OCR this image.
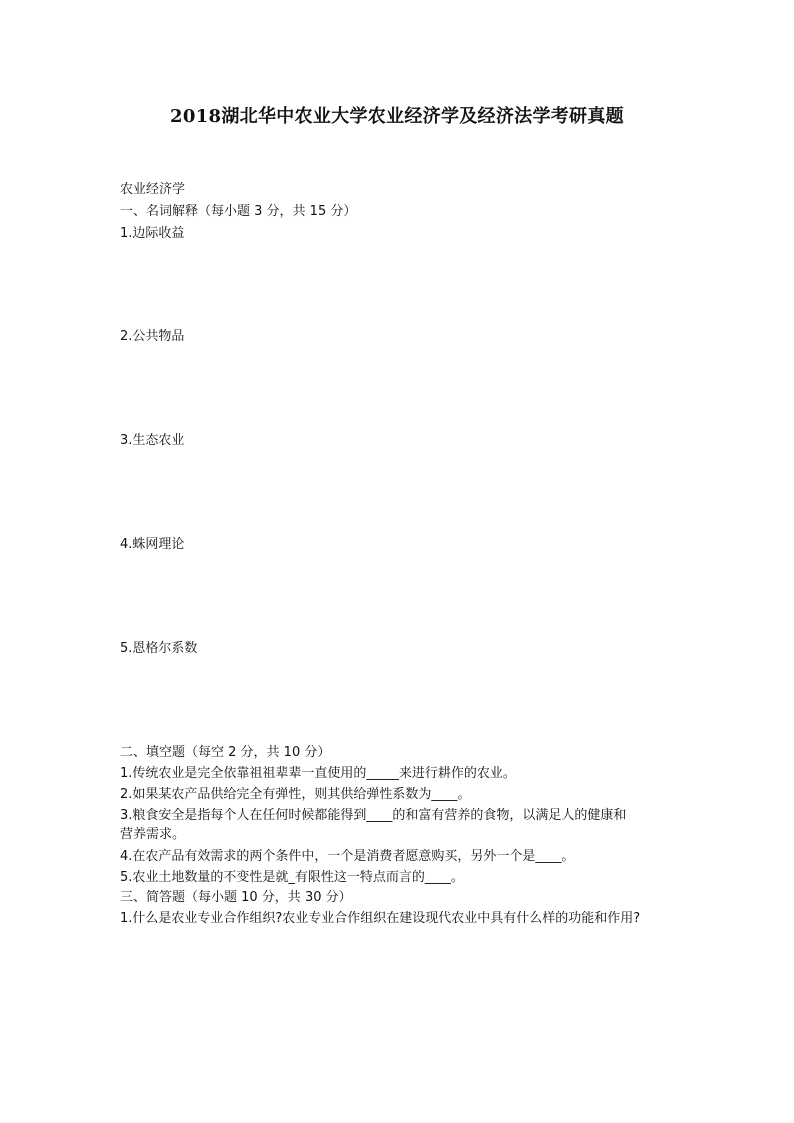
2018湖北华中农业大学农业经济学及经济法学考研真题
农业经济学
一、名词解释（每小题 3 分，共 15 分）
1.边际收益
2.公共物品
3.生态农业
4.蛛网理论
5.恩格尔系数
二、填空题（每空 2 分，共 10 分）
1.传统农业是完全依靠祖祖辈辈一直使用的_____来进行耕作的农业。
2.如果某农产品供给完全有弹性，则其供给弹性系数为____。
3.粮食安全是指每个人在任何时候都能得到____的和富有营养的食物，以满足人的健康和
营养需求。
4.在农产品有效需求的两个条件中，一个是消费者愿意购买，另外一个是____。
5.农业土地数量的不变性是就_有限性这一特点而言的____。
三、简答题（每小题 10 分，共 30 分）
1.什么是农业专业合作组织?农业专业合作组织在建设现代农业中具有什么样的功能和作用?
